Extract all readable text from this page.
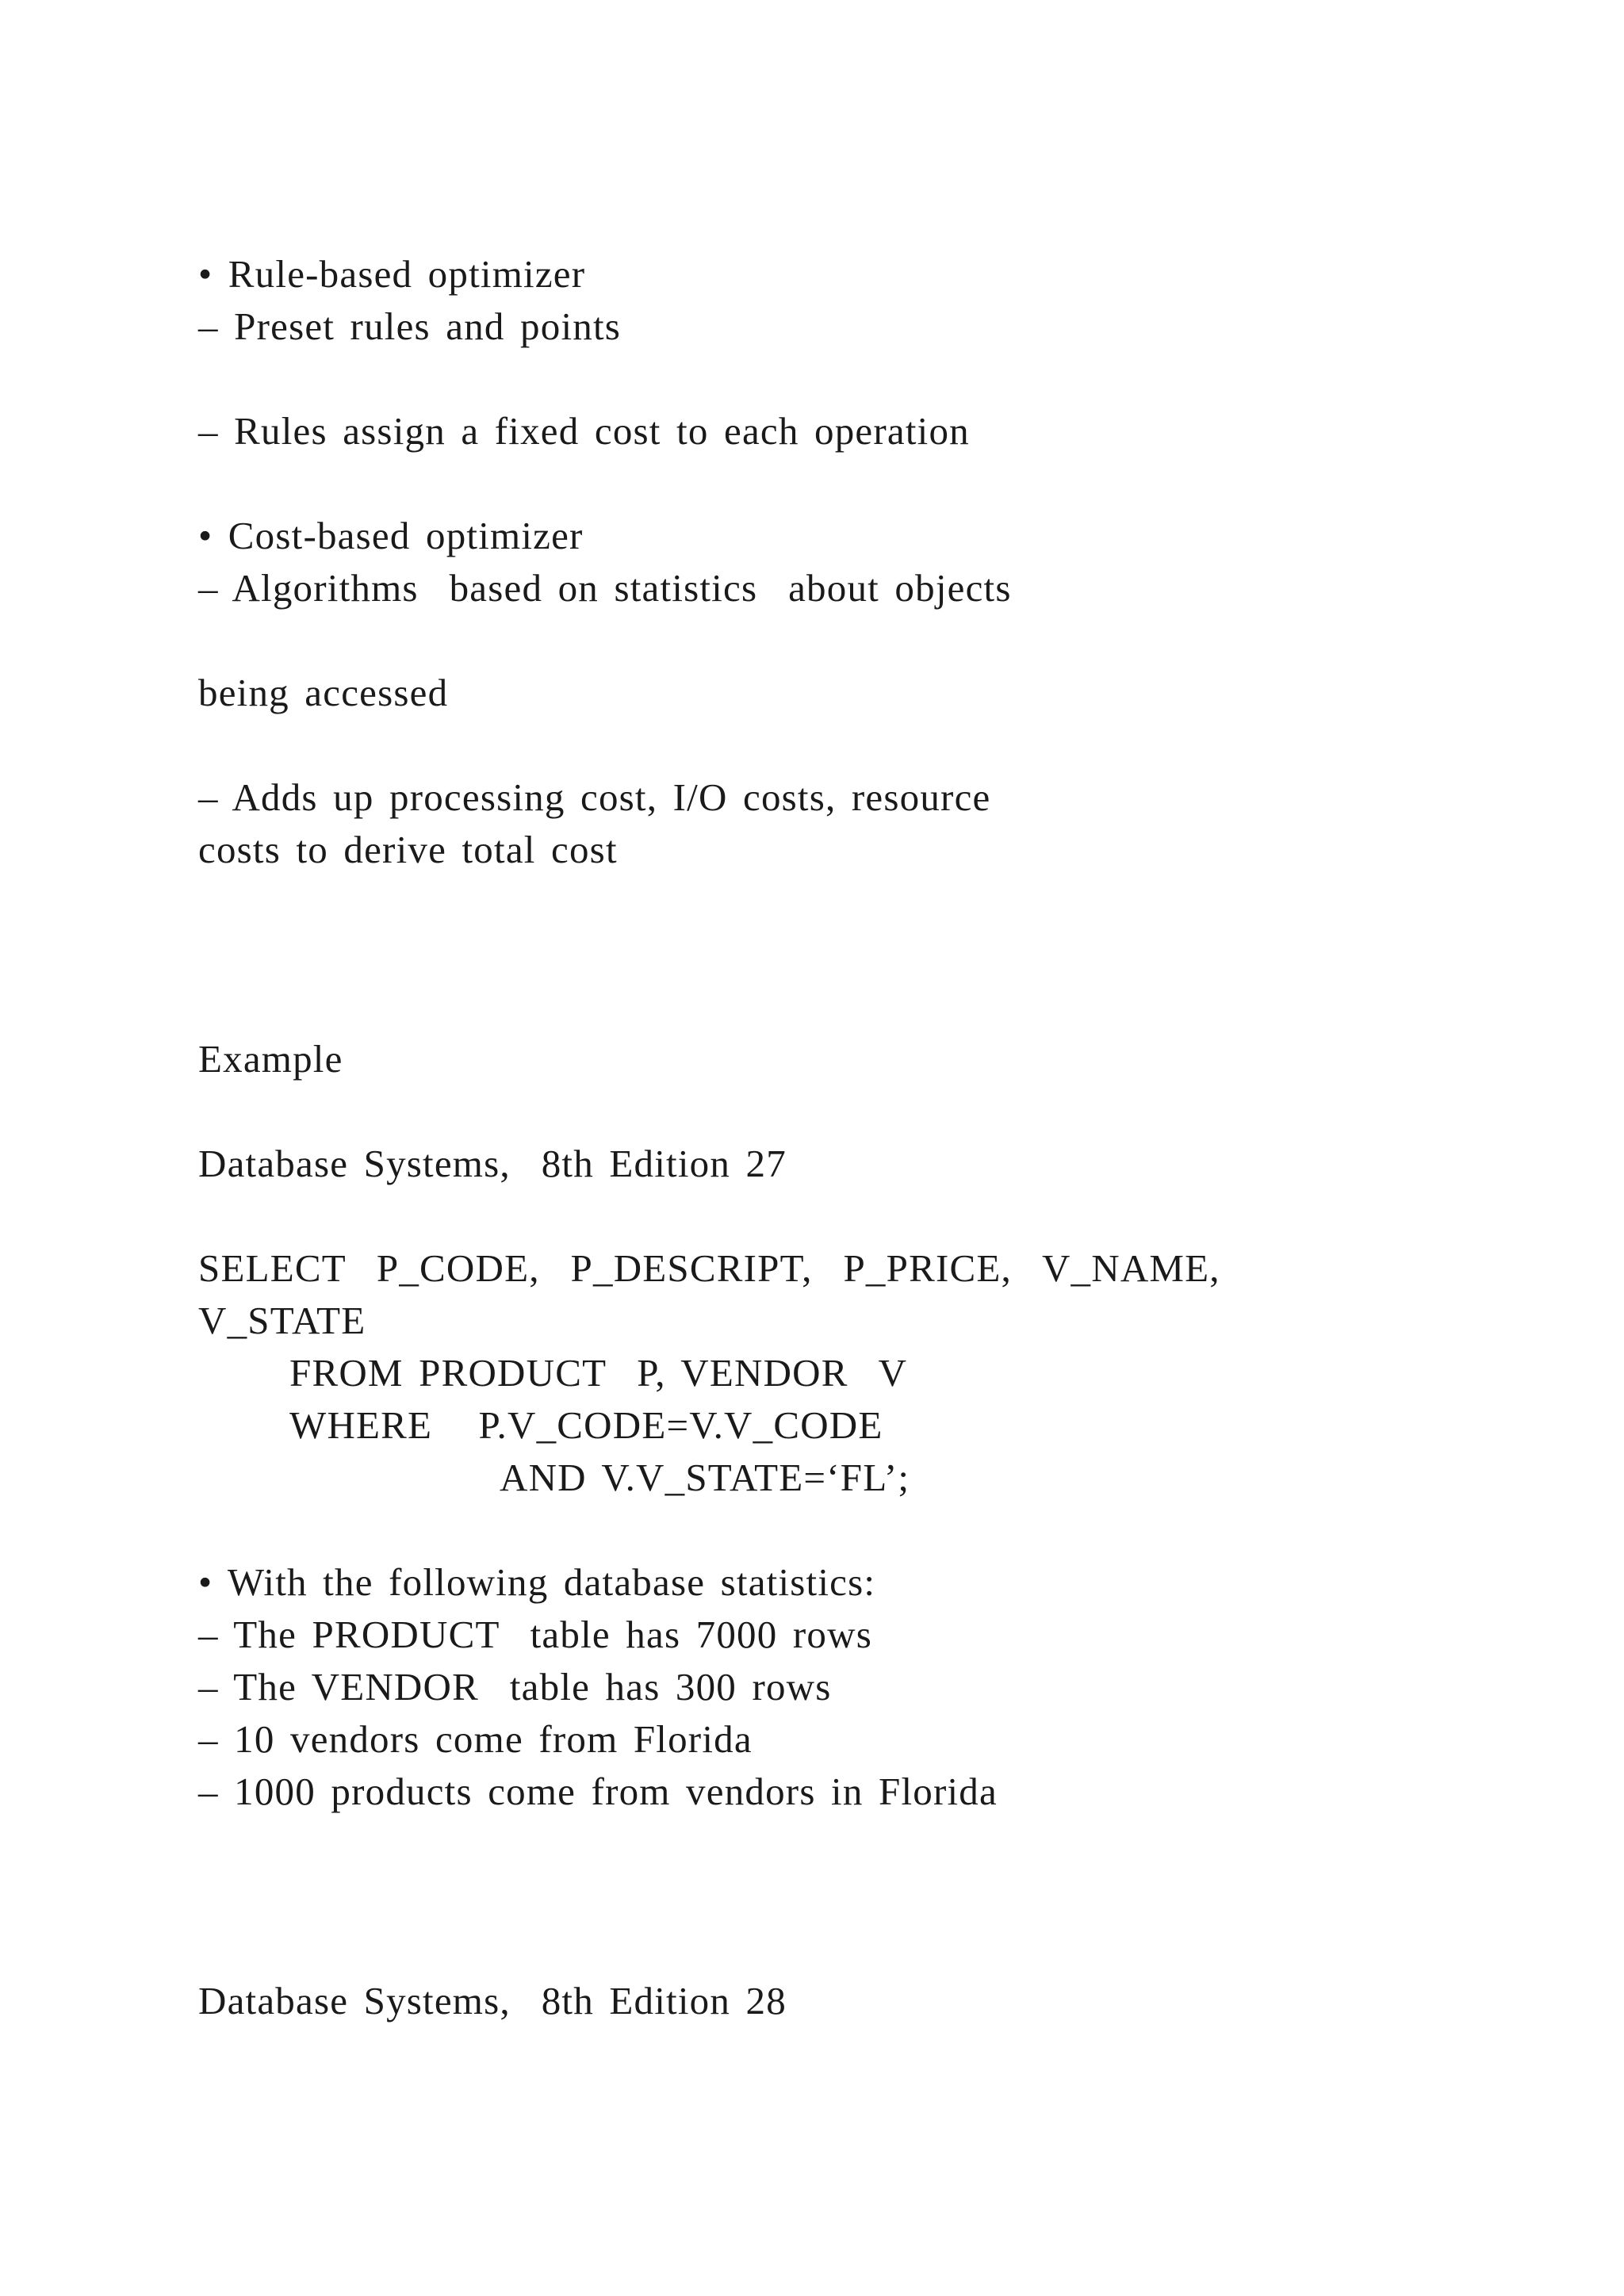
• Rule-based optimizer
– Preset rules and points
– Rules assign a fixed cost to each operation
• Cost-based optimizer
– Algorithms  based on statistics  about objects
being accessed
– Adds up processing cost, I/O costs, resource
costs to derive total cost
Example
Database Systems,  8th Edition 27
SELECT  P_CODE,  P_DESCRIPT,  P_PRICE,  V_NAME,
V_STATE
FROM PRODUCT  P, VENDOR  V
WHERE   P.V_CODE=V.V_CODE
AND V.V_STATE=‘FL’;
• With the following database statistics:
– The PRODUCT  table has 7000 rows
– The VENDOR  table has 300 rows
– 10 vendors come from Florida
– 1000 products come from vendors in Florida
Database Systems,  8th Edition 28
